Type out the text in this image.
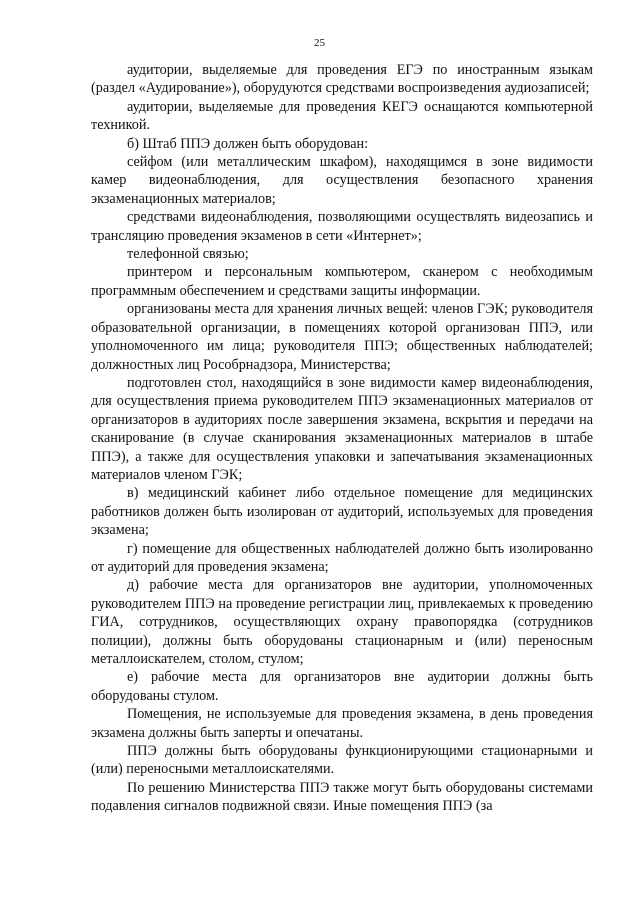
25

аудитории, выделяемые для проведения ЕГЭ по иностранным языкам (раздел «Аудирование»), оборудуются средствами воспроизведения аудиозаписей;

аудитории, выделяемые для проведения КЕГЭ оснащаются компьютерной техникой.

б) Штаб ППЭ должен быть оборудован:

сейфом (или металлическим шкафом), находящимся в зоне видимости камер видеонаблюдения, для осуществления безопасного хранения экзаменационных материалов;

средствами видеонаблюдения, позволяющими осуществлять видеозапись и трансляцию проведения экзаменов в сети «Интернет»;

телефонной связью;

принтером и персональным компьютером, сканером с необходимым программным обеспечением и средствами защиты информации.

организованы места для хранения личных вещей: членов ГЭК; руководителя образовательной организации, в помещениях которой организован ППЭ, или уполномоченного им лица; руководителя ППЭ; общественных наблюдателей; должностных лиц Рособрнадзора, Министерства;

подготовлен стол, находящийся в зоне видимости камер видеонаблюдения, для осуществления приема руководителем ППЭ экзаменационных материалов от организаторов в аудиториях после завершения экзамена, вскрытия и передачи на сканирование (в случае сканирования экзаменационных материалов в штабе ППЭ), а также для осуществления упаковки и запечатывания экзаменационных материалов членом ГЭК;

в) медицинский кабинет либо отдельное помещение для медицинских работников должен быть изолирован от аудиторий, используемых для проведения экзамена;

г) помещение для общественных наблюдателей должно быть изолированно от аудиторий для проведения экзамена;

д) рабочие места для организаторов вне аудитории, уполномоченных руководителем ППЭ на проведение регистрации лиц, привлекаемых к проведению ГИА, сотрудников, осуществляющих охрану правопорядка (сотрудников полиции), должны быть оборудованы стационарным и (или) переносным металлоискателем, столом, стулом;

е) рабочие места для организаторов вне аудитории должны быть оборудованы стулом.

Помещения, не используемые для проведения экзамена, в день проведения экзамена должны быть заперты и опечатаны.

ППЭ должны быть оборудованы функционирующими стационарными и (или) переносными металлоискателями.

По решению Министерства ППЭ также могут быть оборудованы системами подавления сигналов подвижной связи. Иные помещения ППЭ (за
